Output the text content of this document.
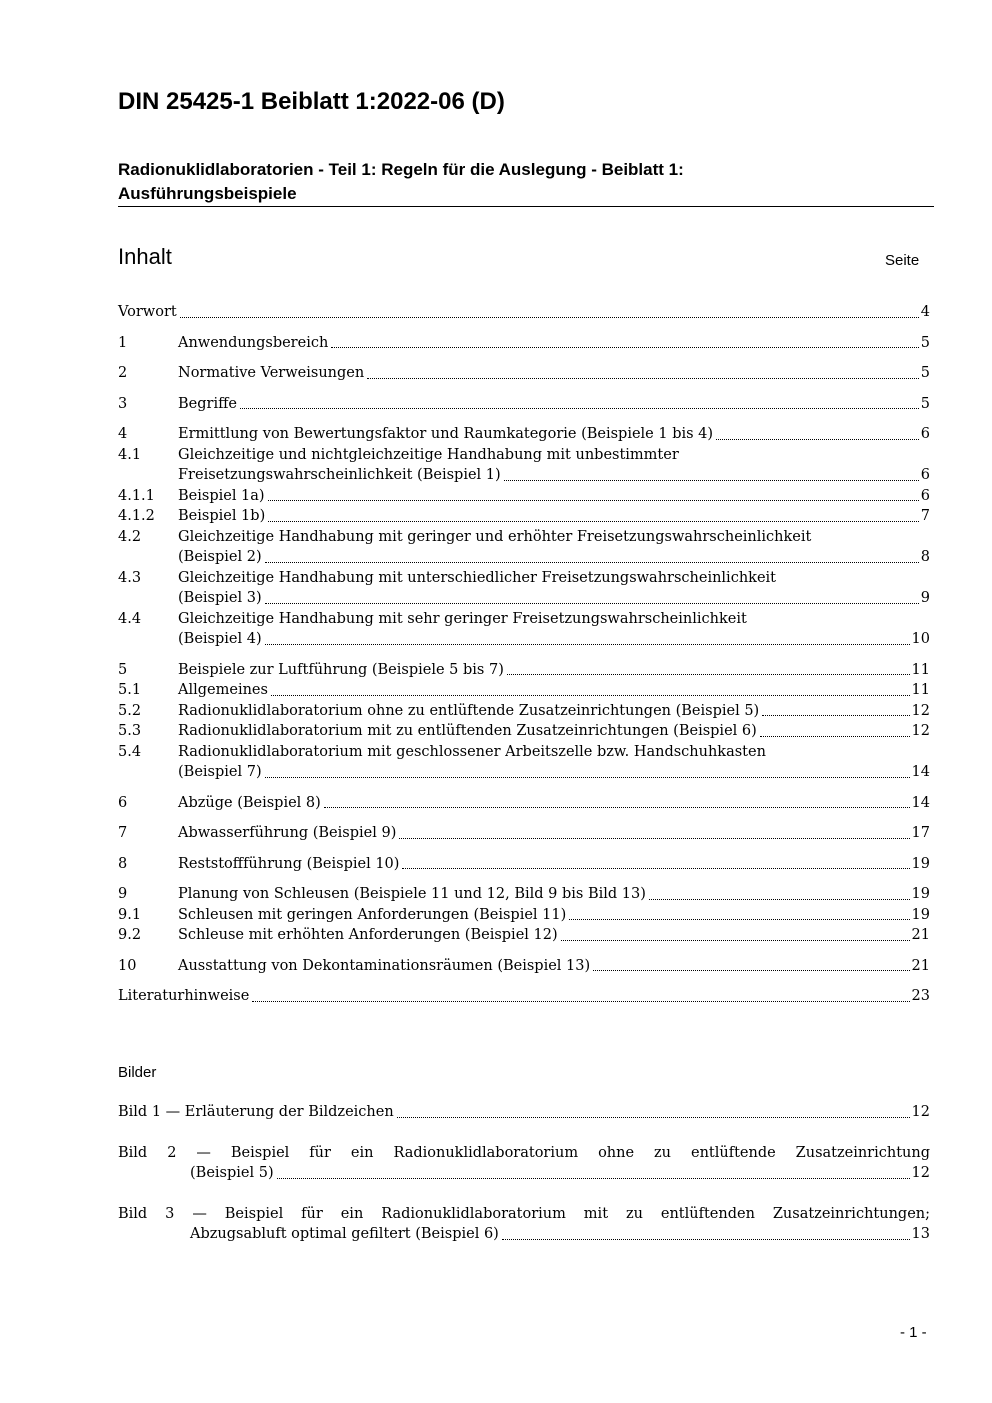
DIN 25425-1 Beiblatt 1:2022-06 (D)
Radionuklidlaboratorien - Teil 1: Regeln für die Auslegung - Beiblatt 1:
Ausführungsbeispiele
Inhalt	Seite
Vorwort	4
1	Anwendungsbereich	5
2	Normative Verweisungen	5
3	Begriffe	5
4	Ermittlung von Bewertungsfaktor und Raumkategorie (Beispiele 1 bis 4)	6
4.1	Gleichzeitige und nichtgleichzeitige Handhabung mit unbestimmter
Freisetzungswahrscheinlichkeit (Beispiel 1)	6
4.1.1	Beispiel 1a)	6
4.1.2	Beispiel 1b)	7
4.2	Gleichzeitige Handhabung mit geringer und erhöhter Freisetzungswahrscheinlichkeit
(Beispiel 2)	8
4.3	Gleichzeitige Handhabung mit unterschiedlicher Freisetzungswahrscheinlichkeit
(Beispiel 3)	9
4.4	Gleichzeitige Handhabung mit sehr geringer Freisetzungswahrscheinlichkeit
(Beispiel 4)	10
5	Beispiele zur Luftführung (Beispiele 5 bis 7)	11
5.1	Allgemeines	11
5.2	Radionuklidlaboratorium ohne zu entlüftende Zusatzeinrichtungen (Beispiel 5)	12
5.3	Radionuklidlaboratorium mit zu entlüftenden Zusatzeinrichtungen (Beispiel 6)	12
5.4	Radionuklidlaboratorium mit geschlossener Arbeitszelle bzw. Handschuhkasten
(Beispiel 7)	14
6	Abzüge (Beispiel 8)	14
7	Abwasserführung (Beispiel 9)	17
8	Reststoffführung (Beispiel 10)	19
9	Planung von Schleusen (Beispiele 11 und 12, Bild 9 bis Bild 13)	19
9.1	Schleusen mit geringen Anforderungen (Beispiel 11)	19
9.2	Schleuse mit erhöhten Anforderungen (Beispiel 12)	21
10	Ausstattung von Dekontaminationsräumen (Beispiel 13)	21
Literaturhinweise	23
Bilder
Bild 1 — Erläuterung der Bildzeichen	12
Bild 2 — Beispiel für ein Radionuklidlaboratorium ohne zu entlüftende Zusatzeinrichtung
(Beispiel 5)	12
Bild 3 — Beispiel für ein Radionuklidlaboratorium mit zu entlüftenden Zusatzeinrichtungen;
Abzugsabluft optimal gefiltert (Beispiel 6)	13
- 1 -
